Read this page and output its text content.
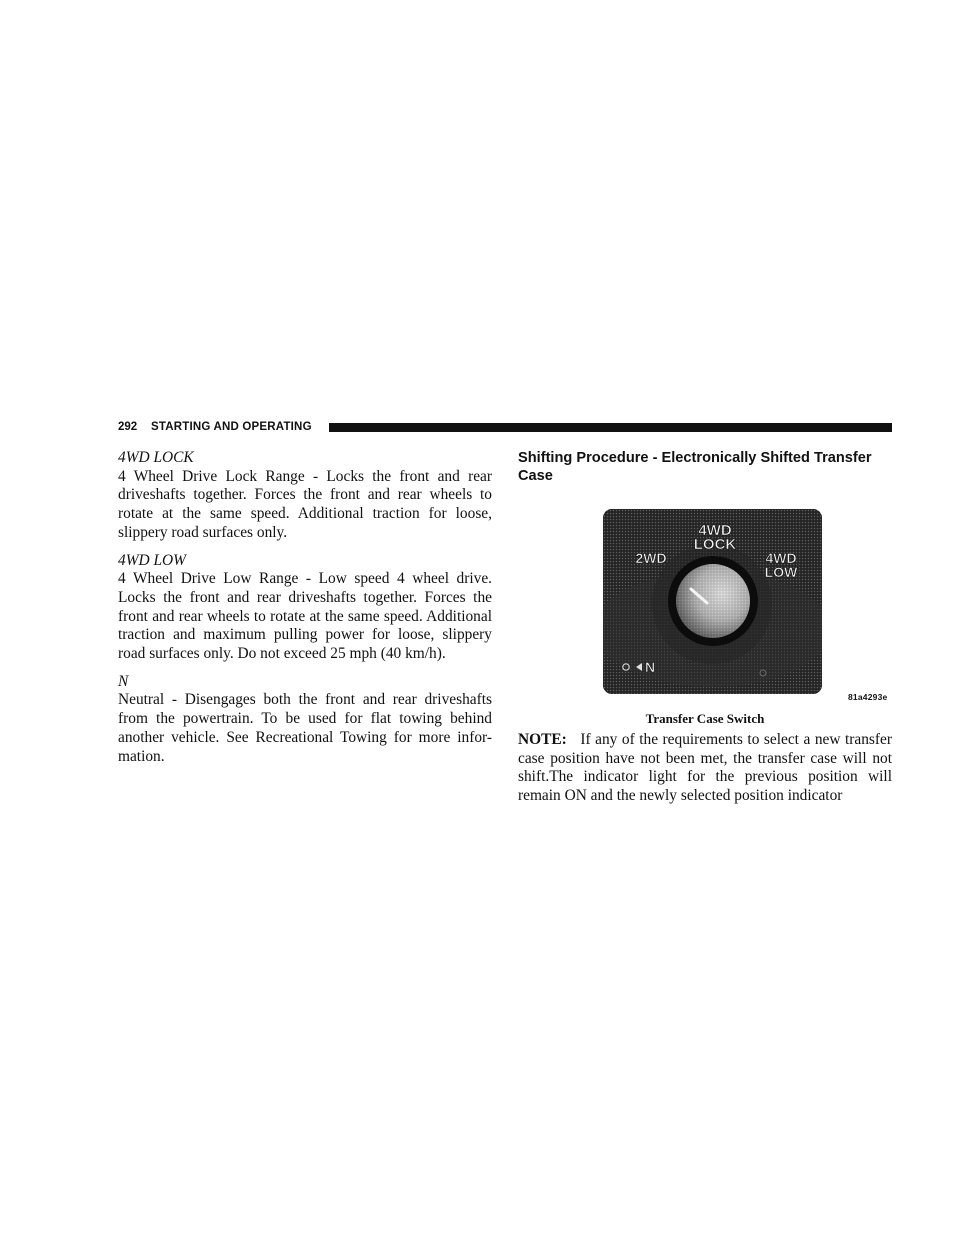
292 STARTING AND OPERATING

4WD LOCK

4 Wheel Drive Lock Range - Locks the front and rear driveshafts together. Forces the front and rear wheels to rotate at the same speed. Additional traction for loose, slippery road surfaces only.

4WD LOW

4 Wheel Drive Low Range - Low speed 4 wheel drive. Locks the front and rear driveshafts together. Forces the front and rear wheels to rotate at the same speed. Additional traction and maximum pulling power for loose, slippery road surfaces only. Do not exceed 25 mph (40 km/h).

N

Neutral - Disengages both the front and rear driveshafts from the powertrain. To be used for flat towing behind another vehicle. See Recreational Towing for more infor-mation.

Shifting Procedure - Electronically Shifted Transfer Case

4WD
LOCK
2WD	4WD
LOW
N
81a4293e
Transfer Case Switch

NOTE: If any of the requirements to select a new transfer case position have not been met, the transfer case will not shift.The indicator light for the previous position will remain ON and the newly selected position indicator
